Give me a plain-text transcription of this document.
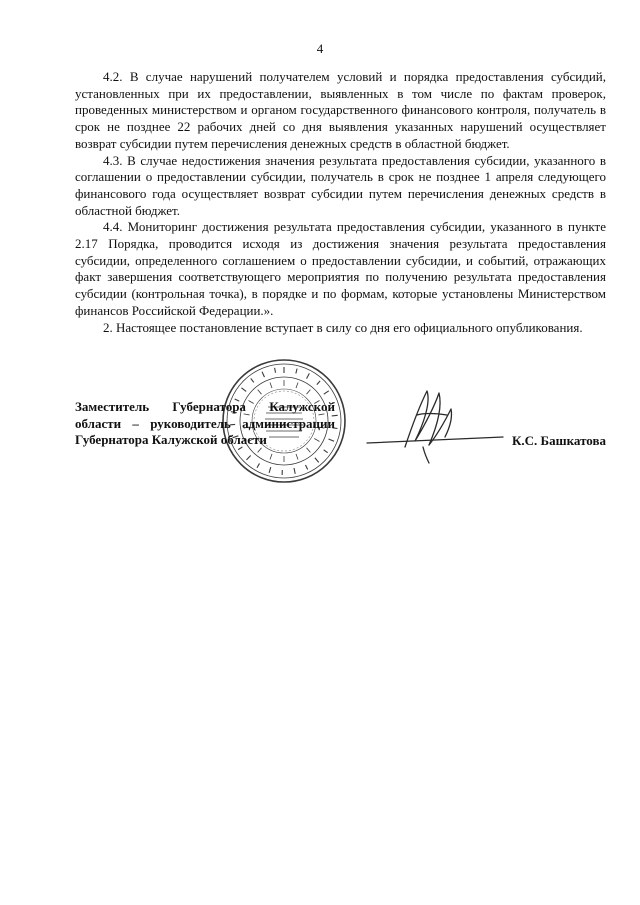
4

4.2. В случае нарушений получателем условий и порядка предоставления субсидий, установленных при их предоставлении, выявленных в том числе по фактам проверок, проведенных министерством и органом государственного финансового контроля, получатель в срок не позднее 22 рабочих дней со дня выявления указанных нарушений осуществляет возврат субсидии путем перечисления денежных средств в областной бюджет.

4.3. В случае недостижения значения результата предоставления субсидии, указанного в соглашении о предоставлении субсидии, получатель в срок не позднее 1 апреля следующего финансового года осуществляет возврат субсидии путем перечисления денежных средств в областной бюджет.

4.4. Мониторинг достижения результата предоставления субсидии, указанного в пункте 2.17 Порядка, проводится исходя из достижения значения результата предоставления субсидии, определенного соглашением о предоставлении субсидии, и событий, отражающих факт завершения соответствующего мероприятия по получению результата предоставления субсидии (контрольная точка), в порядке и по формам, которые установлены Министерством финансов Российской Федерации.».

2. Настоящее постановление вступает в силу со дня его официального опубликования.

Заместитель Губернатора Калужской
области – руководитель администрации
Губернатора Калужской области	К.С. Башкатова
